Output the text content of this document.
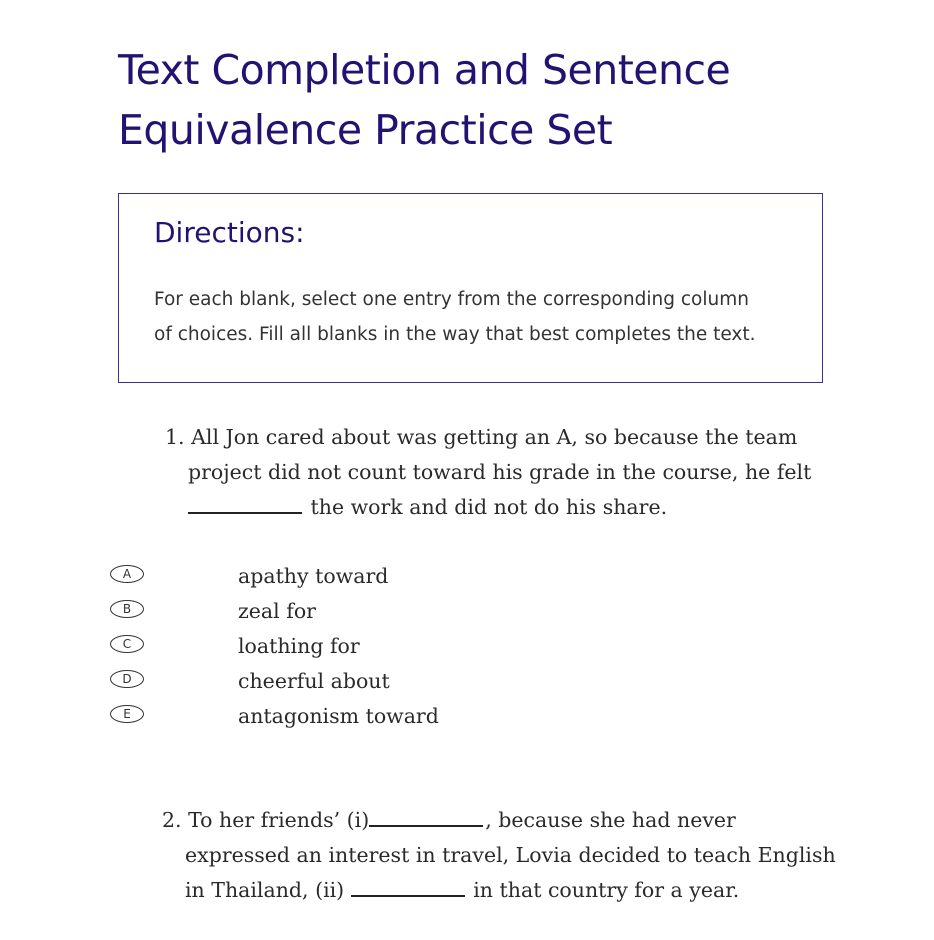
Text Completion and Sentence
Equivalence Practice Set
Directions:
For each blank, select one entry from the corresponding column
of choices. Fill all blanks in the way that best completes the text.
1. All Jon cared about was getting an A, so because the team
project did not count toward his grade in the course, he felt
the work and did not do his share.
A	apathy toward
B	zeal for
C	loathing for
D	cheerful about
E	antagonism toward
2. To her friends’ (i)	, because she had never
expressed an interest in travel, Lovia decided to teach English
in Thailand, (ii)	in that country for a year.
